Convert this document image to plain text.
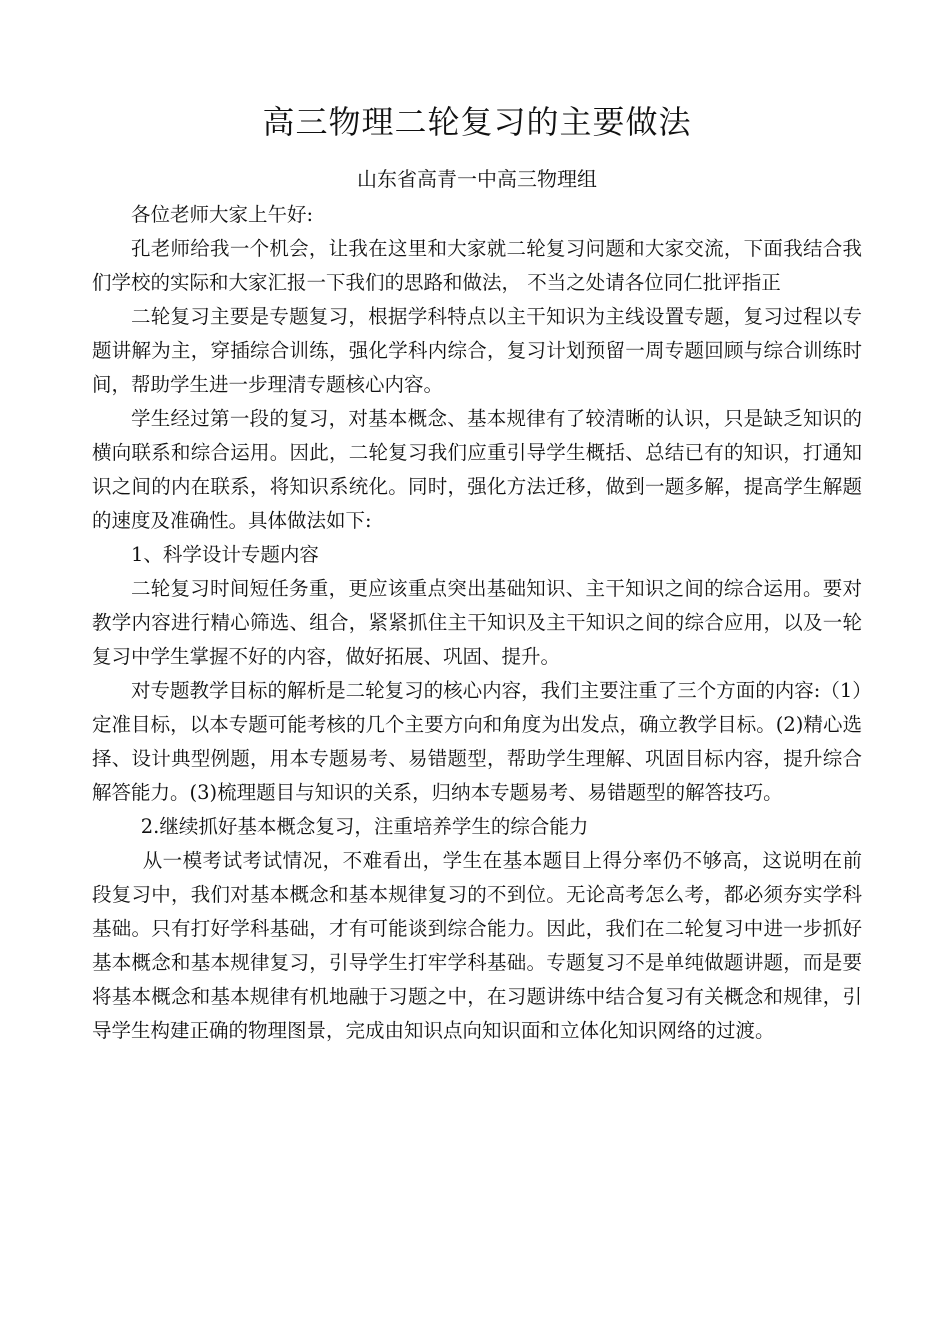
高三物理二轮复习的主要做法
山东省高青一中高三物理组

各位老师大家上午好:

孔老师给我一个机会，让我在这里和大家就二轮复习问题和大家交流，下面我结合我们学校的实际和大家汇报一下我们的思路和做法， 不当之处请各位同仁批评指正

二轮复习主要是专题复习，根据学科特点以主干知识为主线设置专题，复习过程以专题讲解为主，穿插综合训练，强化学科内综合，复习计划预留一周专题回顾与综合训练时间，帮助学生进一步理清专题核心内容。

学生经过第一段的复习，对基本概念、基本规律有了较清晰的认识，只是缺乏知识的横向联系和综合运用。因此，二轮复习我们应重引导学生概括、总结已有的知识，打通知识之间的内在联系，将知识系统化。同时，强化方法迁移，做到一题多解，提高学生解题的速度及准确性。具体做法如下:

1、科学设计专题内容

二轮复习时间短任务重，更应该重点突出基础知识、主干知识之间的综合运用。要对教学内容进行精心筛选、组合，紧紧抓住主干知识及主干知识之间的综合应用，以及一轮复习中学生掌握不好的内容，做好拓展、巩固、提升。

对专题教学目标的解析是二轮复习的核心内容，我们主要注重了三个方面的内容:（1）定准目标，以本专题可能考核的几个主要方向和角度为出发点，确立教学目标。(2)精心选择、设计典型例题，用本专题易考、易错题型，帮助学生理解、巩固目标内容，提升综合解答能力。(3)梳理题目与知识的关系，归纳本专题易考、易错题型的解答技巧。

2.继续抓好基本概念复习，注重培养学生的综合能力

从一模考试考试情况，不难看出，学生在基本题目上得分率仍不够高，这说明在前段复习中，我们对基本概念和基本规律复习的不到位。无论高考怎么考，都必须夯实学科基础。只有打好学科基础，才有可能谈到综合能力。因此，我们在二轮复习中进一步抓好基本概念和基本规律复习，引导学生打牢学科基础。专题复习不是单纯做题讲题，而是要将基本概念和基本规律有机地融于习题之中，在习题讲练中结合复习有关概念和规律，引导学生构建正确的物理图景，完成由知识点向知识面和立体化知识网络的过渡。
